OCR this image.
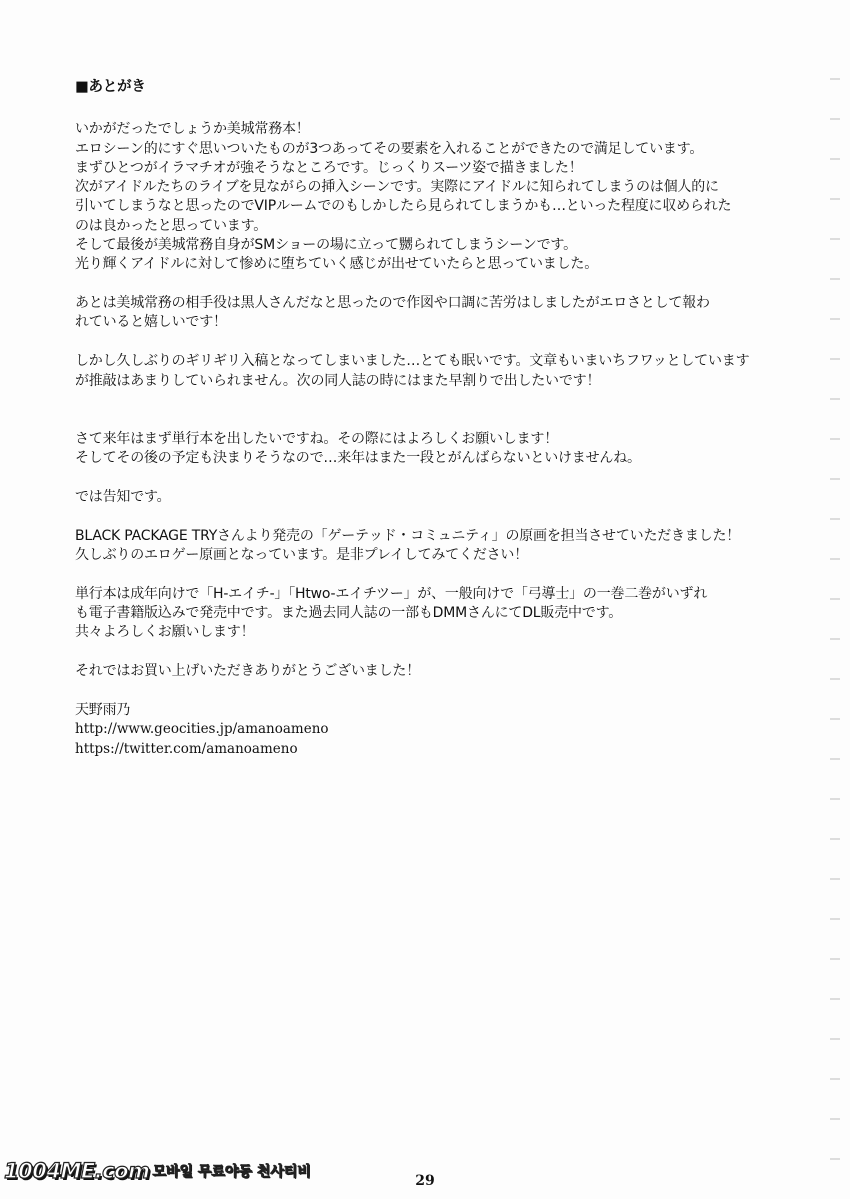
■あとがき
いかがだったでしょうか美城常務本！
エロシーン的にすぐ思いついたものが3つあってその要素を入れることができたので満足しています。
まずひとつがイラマチオが強そうなところです。じっくりスーツ姿で描きました！
次がアイドルたちのライブを見ながらの挿入シーンです。実際にアイドルに知られてしまうのは個人的に
引いてしまうなと思ったのでVIPルームでのもしかしたら見られてしまうかも…といった程度に収められた
のは良かったと思っています。
そして最後が美城常務自身がSMショーの場に立って嬲られてしまうシーンです。
光り輝くアイドルに対して惨めに堕ちていく感じが出せていたらと思っていました。
あとは美城常務の相手役は黒人さんだなと思ったので作図や口調に苦労はしましたがエロさとして報わ
れていると嬉しいです！
しかし久しぶりのギリギリ入稿となってしまいました…とても眠いです。文章もいまいちフワッとしています
が推敲はあまりしていられません。次の同人誌の時にはまた早割りで出したいです！
さて来年はまず単行本を出したいですね。その際にはよろしくお願いします！
そしてその後の予定も決まりそうなので…来年はまた一段とがんばらないといけませんね。
では告知です。
BLACK PACKAGE TRYさんより発売の「ゲーテッド・コミュニティ」の原画を担当させていただきました！
久しぶりのエロゲー原画となっています。是非プレイしてみてください！
単行本は成年向けで「H-エイチ-」「Htwo-エイチツー」が、一般向けで「弓導士」の一巻二巻がいずれ
も電子書籍版込みで発売中です。また過去同人誌の一部もDMMさんにてDL販売中です。
共々よろしくお願いします！
それではお買い上げいただきありがとうございました！
天野雨乃
http://www.geocities.jp/amanoameno
https://twitter.com/amanoameno
1004ME.com 모바일 무료야동 천사티비
29
